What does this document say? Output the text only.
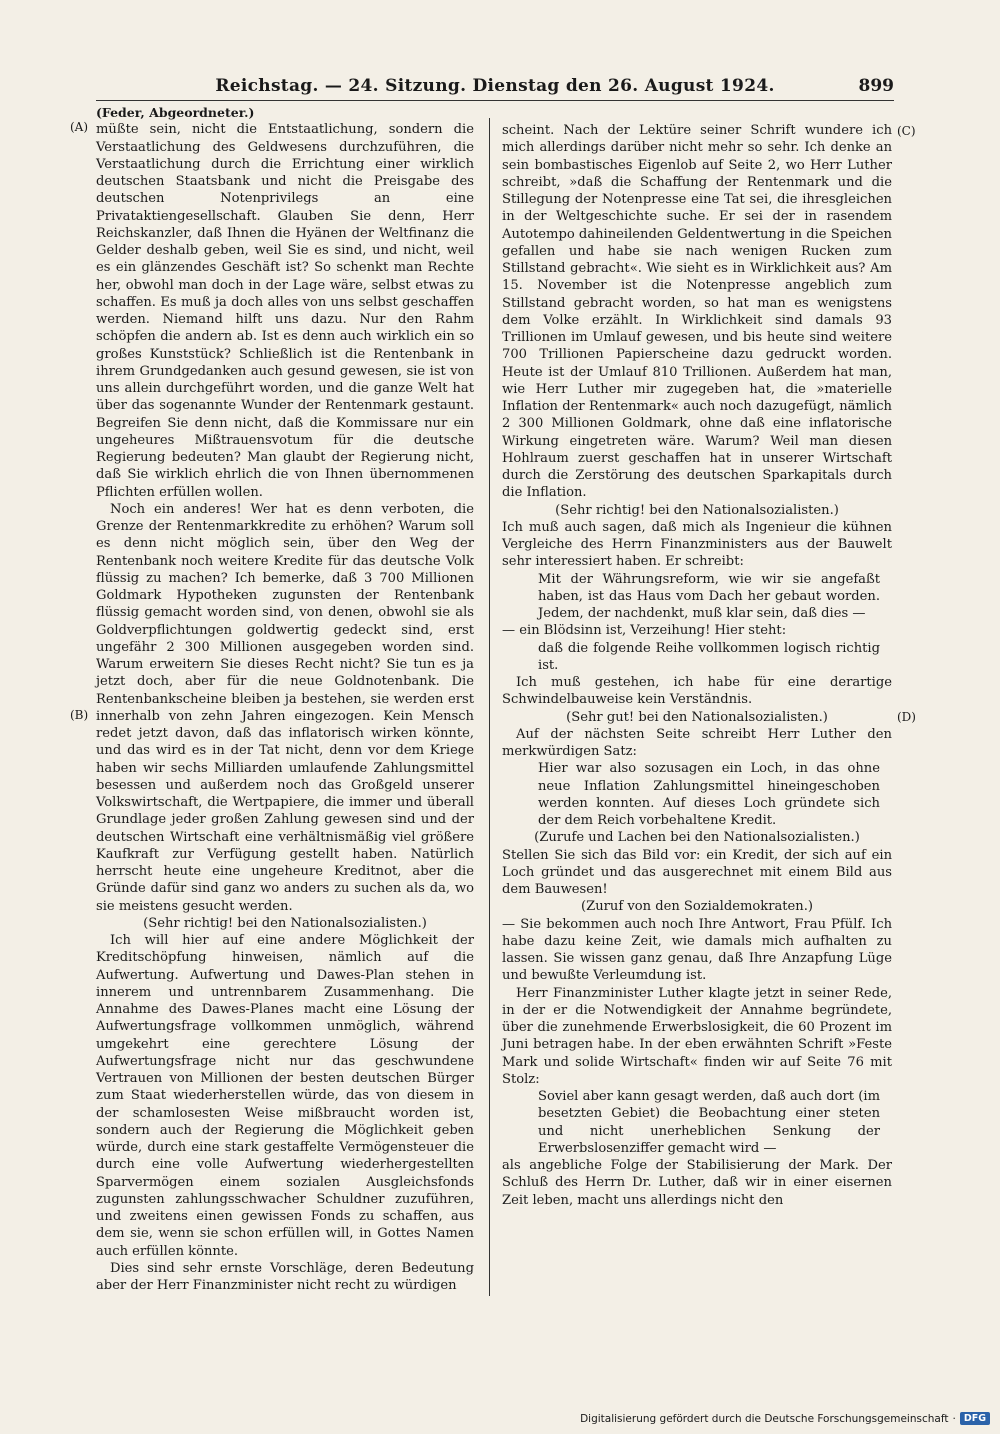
Reichstag. — 24. Sitzung. Dienstag den 26. August 1924.	899
(A)
(B)
(C)
(D)

(Feder, Abgeordneter.)

müßte sein, nicht die Entstaatlichung, sondern die Verstaatlichung des Geldwesens durchzuführen, die Verstaatlichung durch die Errichtung einer wirklich deutschen Staatsbank und nicht die Preisgabe des deutschen Notenprivilegs an eine Privataktiengesellschaft. Glauben Sie denn, Herr Reichskanzler, daß Ihnen die Hyänen der Weltfinanz die Gelder deshalb geben, weil Sie es sind, und nicht, weil es ein glänzendes Geschäft ist? So schenkt man Rechte her, obwohl man doch in der Lage wäre, selbst etwas zu schaffen. Es muß ja doch alles von uns selbst geschaffen werden. Niemand hilft uns dazu. Nur den Rahm schöpfen die andern ab. Ist es denn auch wirklich ein so großes Kunststück? Schließlich ist die Rentenbank in ihrem Grundgedanken auch gesund gewesen, sie ist von uns allein durchgeführt worden, und die ganze Welt hat über das sogenannte Wunder der Rentenmark gestaunt. Begreifen Sie denn nicht, daß die Kommissare nur ein ungeheures Mißtrauensvotum für die deutsche Regierung bedeuten? Man glaubt der Regierung nicht, daß Sie wirklich ehrlich die von Ihnen übernommenen Pflichten erfüllen wollen.

Noch ein anderes! Wer hat es denn verboten, die Grenze der Rentenmarkkredite zu erhöhen? Warum soll es denn nicht möglich sein, über den Weg der Rentenbank noch weitere Kredite für das deutsche Volk flüssig zu machen? Ich bemerke, daß 3 700 Millionen Goldmark Hypotheken zugunsten der Rentenbank flüssig gemacht worden sind, von denen, obwohl sie als Goldverpflichtungen goldwertig gedeckt sind, erst ungefähr 2 300 Millionen ausgegeben worden sind. Warum erweitern Sie dieses Recht nicht? Sie tun es ja jetzt doch, aber für die neue Goldnotenbank. Die Rentenbankscheine bleiben ja bestehen, sie werden erst innerhalb von zehn Jahren eingezogen. Kein Mensch redet jetzt davon, daß das inflatorisch wirken könnte, und das wird es in der Tat nicht, denn vor dem Kriege haben wir sechs Milliarden umlaufende Zahlungsmittel besessen und außerdem noch das Großgeld unserer Volkswirtschaft, die Wertpapiere, die immer und überall Grundlage jeder großen Zahlung gewesen sind und der deutschen Wirtschaft eine verhältnismäßig viel größere Kaufkraft zur Verfügung gestellt haben. Natürlich herrscht heute eine ungeheure Kreditnot, aber die Gründe dafür sind ganz wo anders zu suchen als da, wo sie meistens gesucht werden.

(Sehr richtig! bei den Nationalsozialisten.)

Ich will hier auf eine andere Möglichkeit der Kreditschöpfung hinweisen, nämlich auf die Aufwertung. Aufwertung und Dawes-Plan stehen in innerem und untrennbarem Zusammenhang. Die Annahme des Dawes-Planes macht eine Lösung der Aufwertungsfrage vollkommen unmöglich, während umgekehrt eine gerechtere Lösung der Aufwertungsfrage nicht nur das geschwundene Vertrauen von Millionen der besten deutschen Bürger zum Staat wiederherstellen würde, das von diesem in der schamlosesten Weise mißbraucht worden ist, sondern auch der Regierung die Möglichkeit geben würde, durch eine stark gestaffelte Vermögensteuer die durch eine volle Aufwertung wiederhergestellten Sparvermögen einem sozialen Ausgleichsfonds zugunsten zahlungsschwacher Schuldner zuzuführen, und zweitens einen gewissen Fonds zu schaffen, aus dem sie, wenn sie schon erfüllen will, in Gottes Namen auch erfüllen könnte.

Dies sind sehr ernste Vorschläge, deren Bedeutung aber der Herr Finanzminister nicht recht zu würdigen

scheint. Nach der Lektüre seiner Schrift wundere ich mich allerdings darüber nicht mehr so sehr. Ich denke an sein bombastisches Eigenlob auf Seite 2, wo Herr Luther schreibt, »daß die Schaffung der Rentenmark und die Stillegung der Notenpresse eine Tat sei, die ihresgleichen in der Weltgeschichte suche. Er sei der in rasendem Autotempo dahineilenden Geldentwertung in die Speichen gefallen und habe sie nach wenigen Rucken zum Stillstand gebracht«. Wie sieht es in Wirklichkeit aus? Am 15. November ist die Notenpresse angeblich zum Stillstand gebracht worden, so hat man es wenigstens dem Volke erzählt. In Wirklichkeit sind damals 93 Trillionen im Umlauf gewesen, und bis heute sind weitere 700 Trillionen Papierscheine dazu gedruckt worden. Heute ist der Umlauf 810 Trillionen. Außerdem hat man, wie Herr Luther mir zugegeben hat, die »materielle Inflation der Rentenmark« auch noch dazugefügt, nämlich 2 300 Millionen Goldmark, ohne daß eine inflatorische Wirkung eingetreten wäre. Warum? Weil man diesen Hohlraum zuerst geschaffen hat in unserer Wirtschaft durch die Zerstörung des deutschen Sparkapitals durch die Inflation.

(Sehr richtig! bei den Nationalsozialisten.)

Ich muß auch sagen, daß mich als Ingenieur die kühnen Vergleiche des Herrn Finanzministers aus der Bauwelt sehr interessiert haben. Er schreibt:

Mit der Währungsreform, wie wir sie angefaßt haben, ist das Haus vom Dach her gebaut worden. Jedem, der nachdenkt, muß klar sein, daß dies —

— ein Blödsinn ist, Verzeihung! Hier steht:

daß die folgende Reihe vollkommen logisch richtig ist.

Ich muß gestehen, ich habe für eine derartige Schwindelbauweise kein Verständnis.

(Sehr gut! bei den Nationalsozialisten.)

Auf der nächsten Seite schreibt Herr Luther den merkwürdigen Satz:

Hier war also sozusagen ein Loch, in das ohne neue Inflation Zahlungsmittel hineingeschoben werden konnten. Auf dieses Loch gründete sich der dem Reich vorbehaltene Kredit.

(Zurufe und Lachen bei den Nationalsozialisten.)

Stellen Sie sich das Bild vor: ein Kredit, der sich auf ein Loch gründet und das ausgerechnet mit einem Bild aus dem Bauwesen!

(Zuruf von den Sozialdemokraten.)

— Sie bekommen auch noch Ihre Antwort, Frau Pfülf. Ich habe dazu keine Zeit, wie damals mich aufhalten zu lassen. Sie wissen ganz genau, daß Ihre Anzapfung Lüge und bewußte Verleumdung ist.

Herr Finanzminister Luther klagte jetzt in seiner Rede, in der er die Notwendigkeit der Annahme begründete, über die zunehmende Erwerbslosigkeit, die 60 Prozent im Juni betragen habe. In der eben erwähnten Schrift »Feste Mark und solide Wirtschaft« finden wir auf Seite 76 mit Stolz:

Soviel aber kann gesagt werden, daß auch dort (im besetzten Gebiet) die Beobachtung einer steten und nicht unerheblichen Senkung der Erwerbslosenziffer gemacht wird —

als angebliche Folge der Stabilisierung der Mark. Der Schluß des Herrn Dr. Luther, daß wir in einer eisernen Zeit leben, macht uns allerdings nicht den

Digitalisierung gefördert durch die Deutsche Forschungsgemeinschaft · DFG
